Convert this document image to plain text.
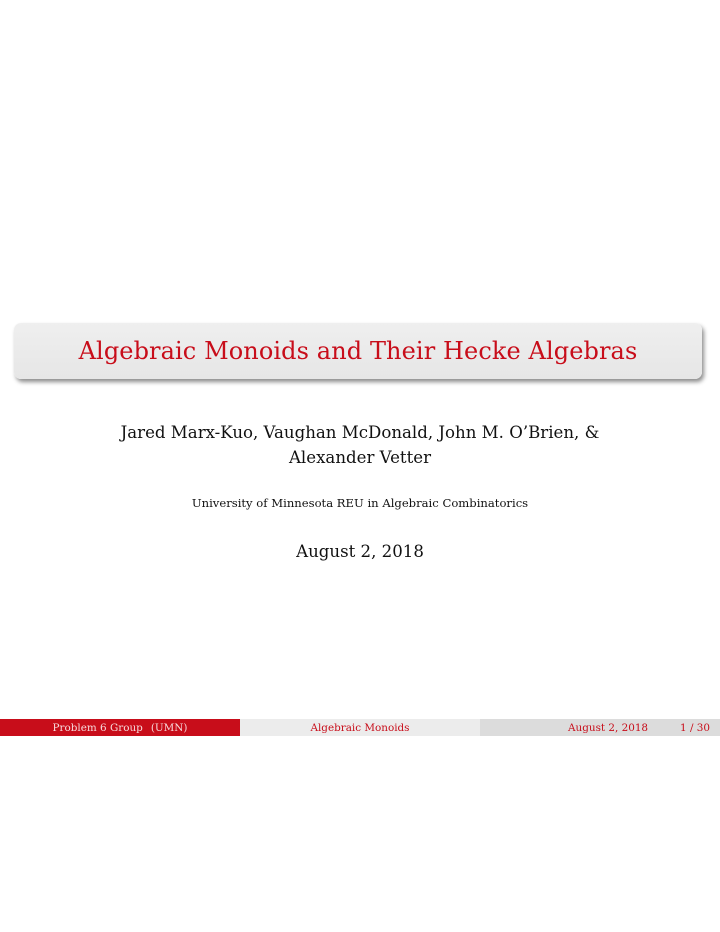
Algebraic Monoids and Their Hecke Algebras
Jared Marx-Kuo, Vaughan McDonald, John M. O’Brien, &
Alexander Vetter
University of Minnesota REU in Algebraic Combinatorics
August 2, 2018
Problem 6 Group (UMN)	Algebraic Monoids	August 2, 2018	1 / 30
